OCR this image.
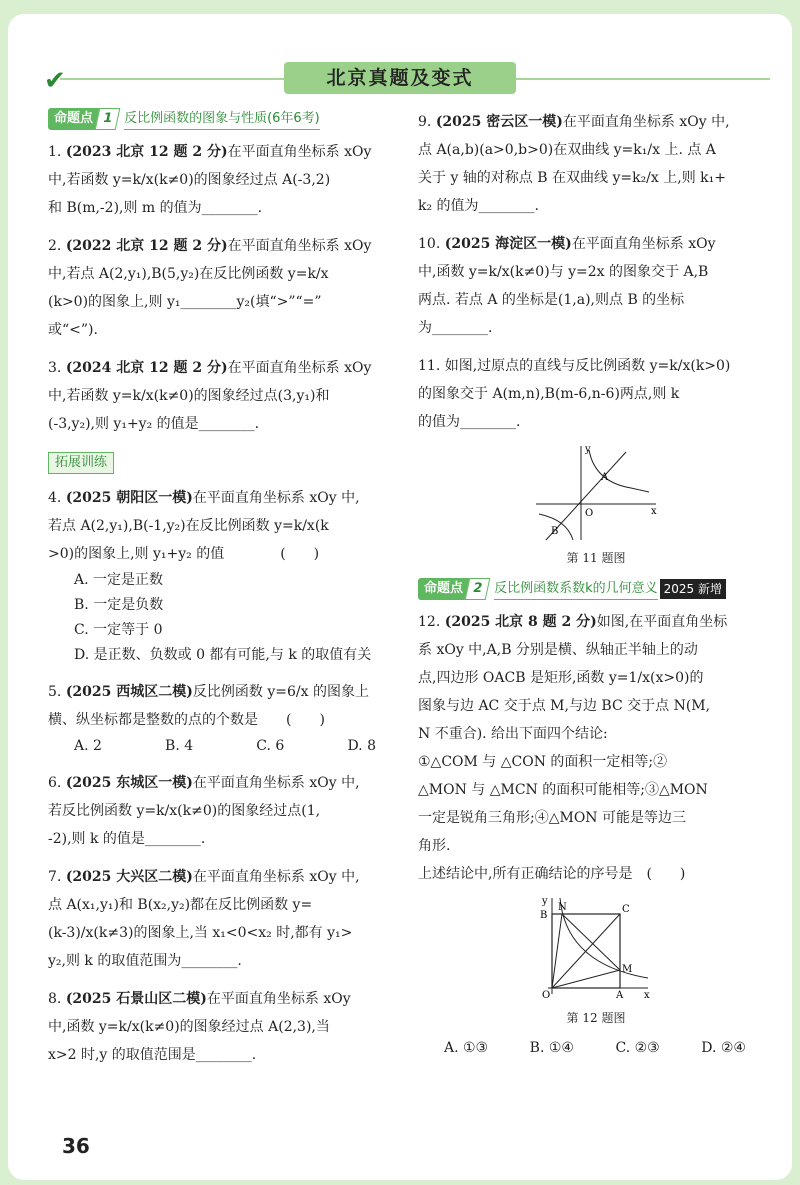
✔	北京真题及变式
命题点 1 反比例函数的图象与性质(6年6考)

1. (2023 北京 12 题 2 分)在平面直角坐标系 xOy

中,若函数 y=k/x(k≠0)的图象经过点 A(-3,2)

和 B(m,-2),则 m 的值为________.

2. (2022 北京 12 题 2 分)在平面直角坐标系 xOy

中,若点 A(2,y₁),B(5,y₂)在反比例函数 y=k/x

(k>0)的图象上,则 y₁________y₂(填“>”“=”

或“<”).

3. (2024 北京 12 题 2 分)在平面直角坐标系 xOy

中,若函数 y=k/x(k≠0)的图象经过点(3,y₁)和

(-3,y₂),则 y₁+y₂ 的值是________.

拓展训练

4. (2025 朝阳区一模)在平面直角坐标系 xOy 中,

若点 A(2,y₁),B(-1,y₂)在反比例函数 y=k/x(k

>0)的图象上,则 y₁+y₂ 的值　　　　(　　)

A. 一定是正数
B. 一定是负数
C. 一定等于 0
D. 是正数、负数或 0 都有可能,与 k 的取值有关

5. (2025 西城区二模)反比例函数 y=6/x 的图象上

横、纵坐标都是整数的点的个数是　　(　　)

A. 2	B. 4	C. 6	D. 8

6. (2025 东城区一模)在平面直角坐标系 xOy 中,

若反比例函数 y=k/x(k≠0)的图象经过点(1,

-2),则 k 的值是________.

7. (2025 大兴区二模)在平面直角坐标系 xOy 中,

点 A(x₁,y₁)和 B(x₂,y₂)都在反比例函数 y=

(k-3)/x(k≠3)的图象上,当 x₁<0<x₂ 时,都有 y₁>

y₂,则 k 的取值范围为________.

8. (2025 石景山区二模)在平面直角坐标系 xOy

中,函数 y=k/x(k≠0)的图象经过点 A(2,3),当

x>2 时,y 的取值范围是________.

9. (2025 密云区一模)在平面直角坐标系 xOy 中,

点 A(a,b)(a>0,b>0)在双曲线 y=k₁/x 上. 点 A

关于 y 轴的对称点 B 在双曲线 y=k₂/x 上,则 k₁+

k₂ 的值为________.

10. (2025 海淀区一模)在平面直角坐标系 xOy

中,函数 y=k/x(k≠0)与 y=2x 的图象交于 A,B

两点. 若点 A 的坐标是(1,a),则点 B 的坐标

为________.

11. 如图,过原点的直线与反比例函数 y=k/x(k>0)

的图象交于 A(m,n),B(m-6,n-6)两点,则 k

的值为________.

y
x
O
A
B
第 11 题图
命题点 2 反比例函数系数k的几何意义 2025 新增

12. (2025 北京 8 题 2 分)如图,在平面直角坐标

系 xOy 中,A,B 分别是横、纵轴正半轴上的动

点,四边形 OACB 是矩形,函数 y=1/x(x>0)的

图象与边 AC 交于点 M,与边 BC 交于点 N(M,

N 不重合). 给出下面四个结论:

①△COM 与 △CON 的面积一定相等;②

△MON 与 △MCN 的面积可能相等;③△MON

一定是锐角三角形;④△MON 可能是等边三

角形.

上述结论中,所有正确结论的序号是　(　　)

y
x
O	A
B
C
N
M
第 12 题图
A. ①③	B. ①④	C. ②③	D. ②④
36
